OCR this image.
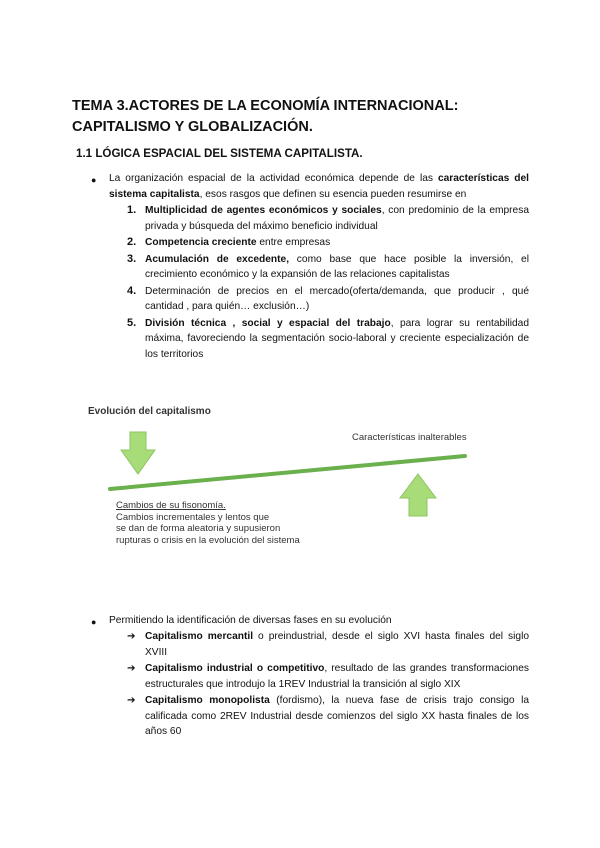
TEMA 3.ACTORES DE LA ECONOMÍA INTERNACIONAL: CAPITALISMO Y GLOBALIZACIÓN.
1.1 LÓGICA ESPACIAL DEL SISTEMA CAPITALISTA.
● La organización espacial de la actividad económica depende de las características del sistema capitalista, esos rasgos que definen su esencia pueden resumirse en

1. Multiplicidad de agentes económicos y sociales, con predominio de la empresa privada y búsqueda del máximo beneficio individual
2. Competencia creciente entre empresas
3. Acumulación de excedente, como base que hace posible la inversión, el crecimiento económico y la expansión de las relaciones capitalistas
4. Determinación de precios en el mercado(oferta/demanda, que producir , qué cantidad , para quién… exclusión…)
5. División técnica , social y espacial del trabajo, para lograr su rentabilidad máxima, favoreciendo la segmentación socio-laboral y creciente especialización de los territorios
Evolución del capitalismo
Características inalterables
Cambios de su fisonomía.
Cambios incrementales y lentos que
se dan de forma aleatoria y supusieron
rupturas o crisis en la evolución del sistema
● Permitiendo la identificación de diversas fases en su evolución

➔ Capitalismo mercantil o preindustrial, desde el siglo XVI hasta finales del siglo XVIII
➔ Capitalismo industrial o competitivo, resultado de las grandes transformaciones estructurales que introdujo la 1REV Industrial la transición al siglo XIX
➔ Capitalismo monopolista (fordismo), la nueva fase de crisis trajo consigo la calificada como 2REV Industrial desde comienzos del siglo XX hasta finales de los años 60
